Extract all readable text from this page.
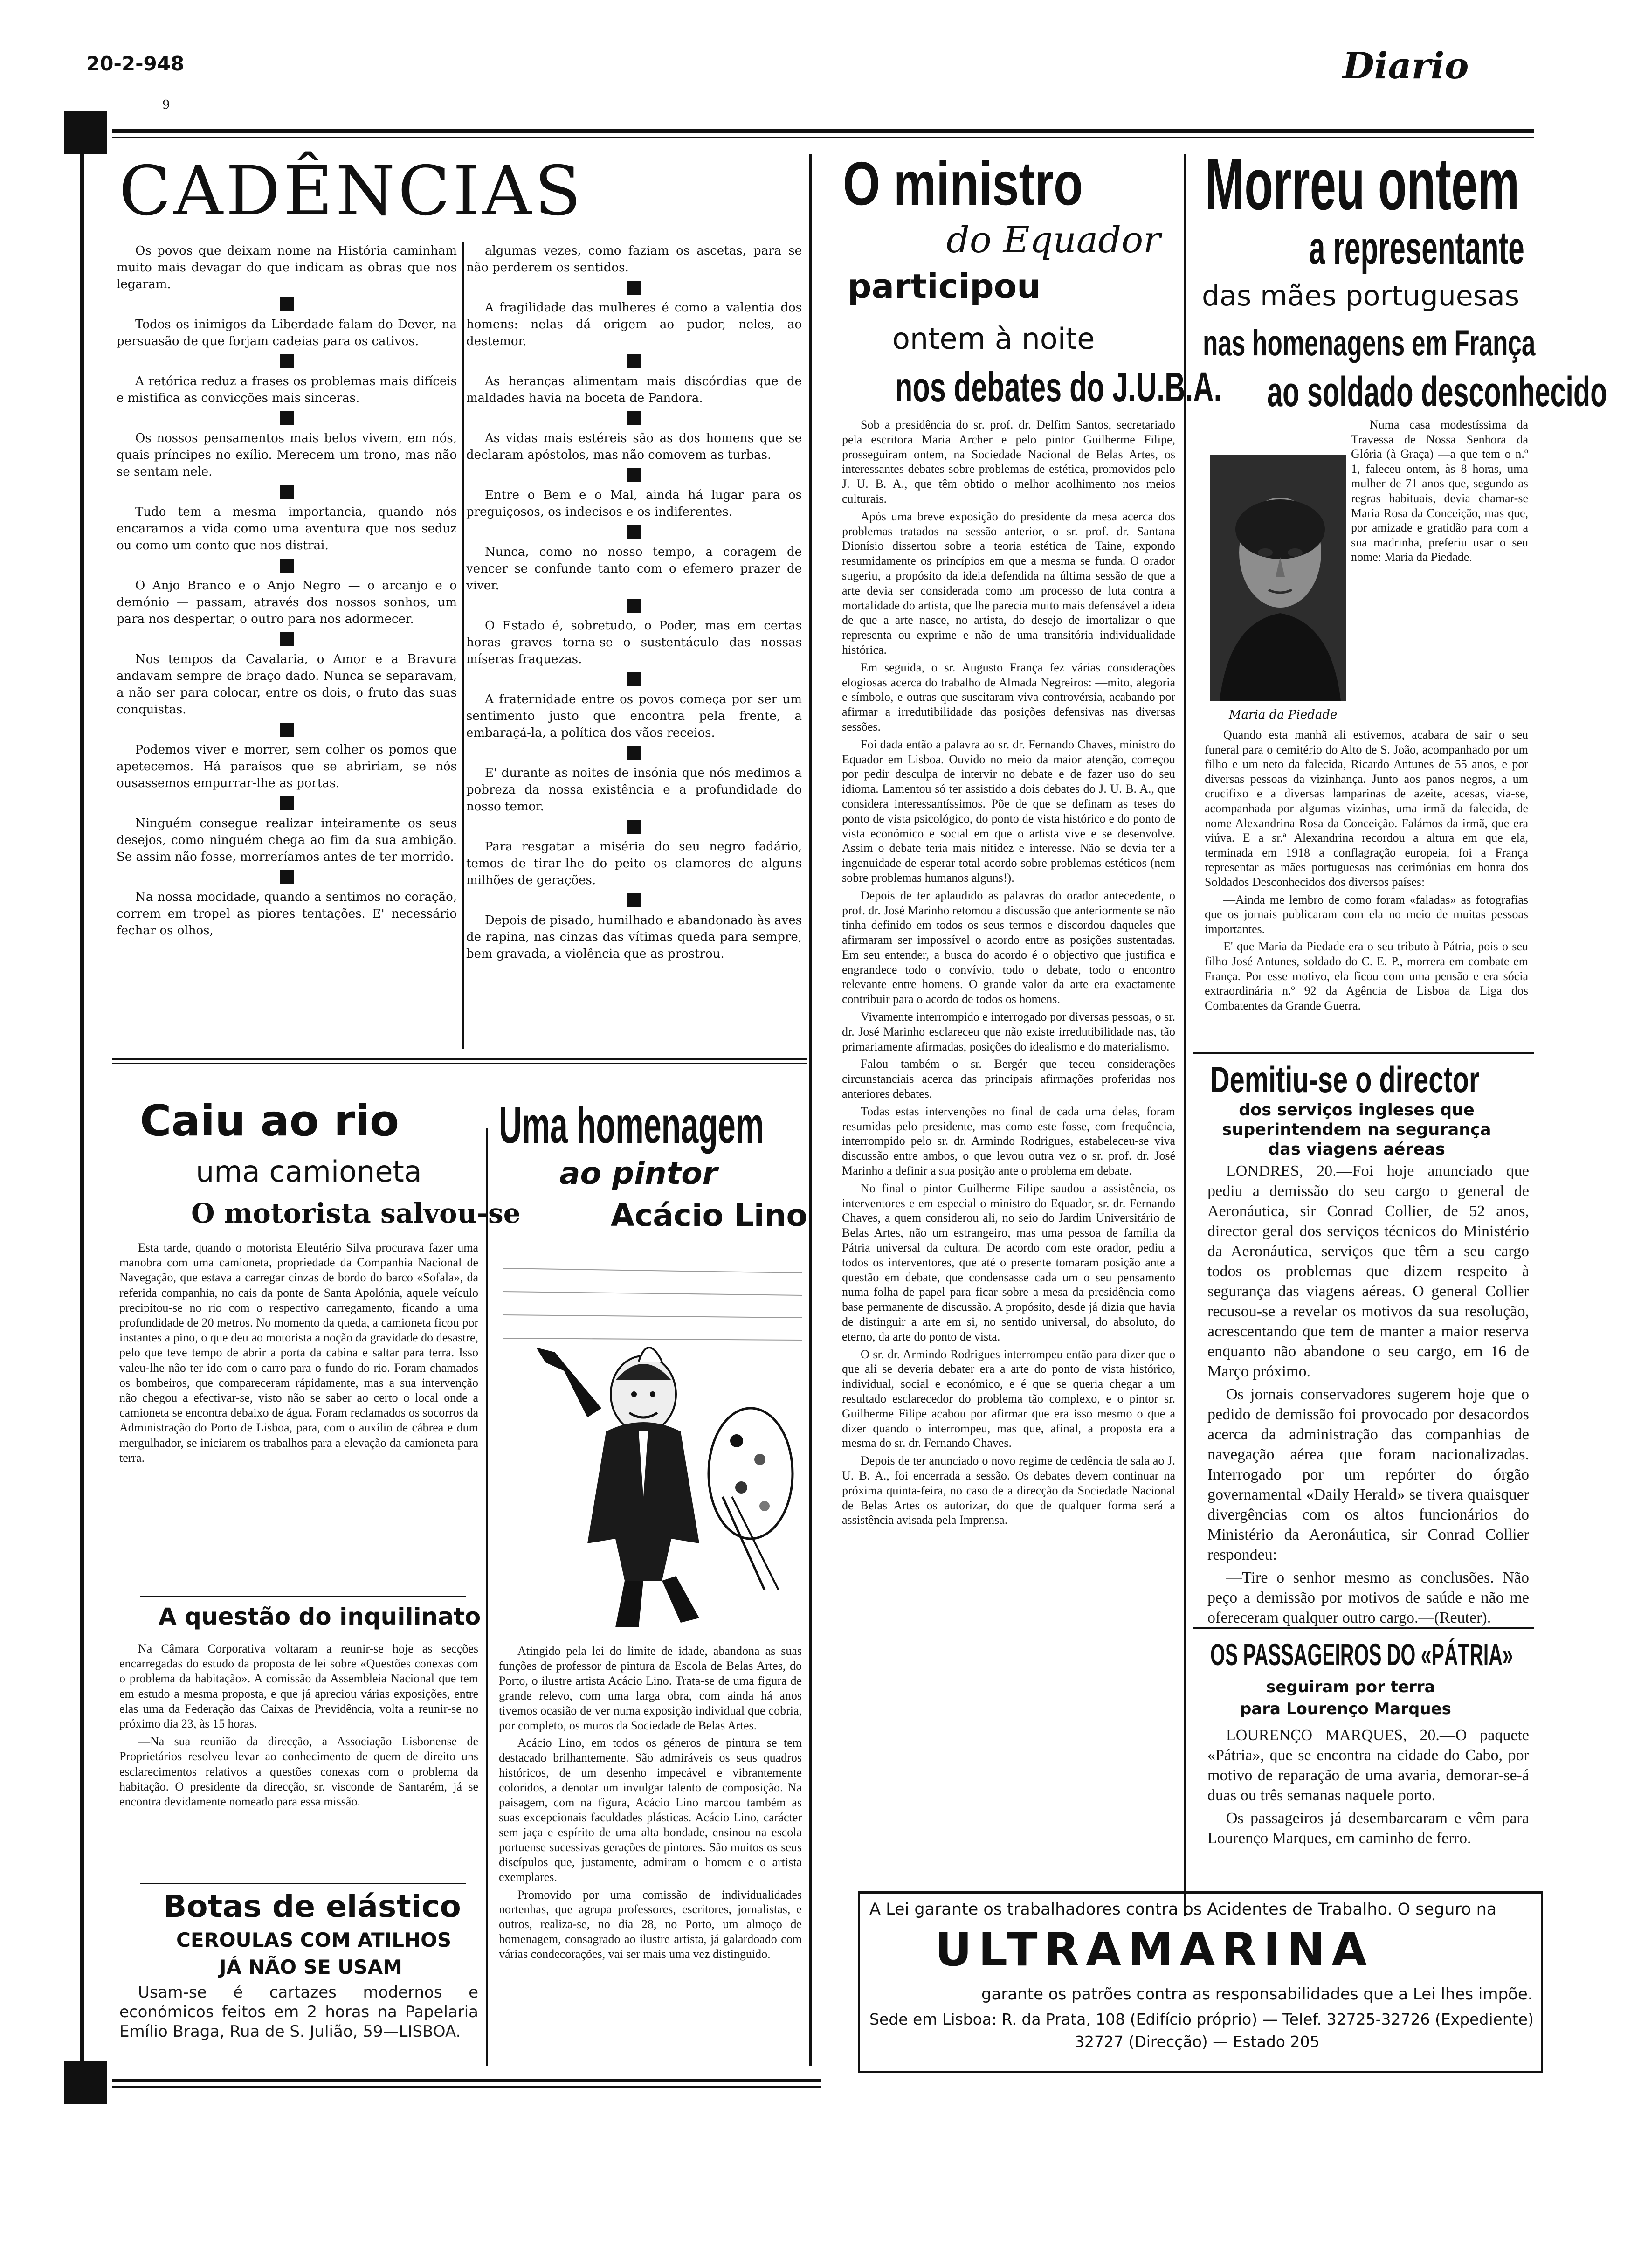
20-2-948	Diario
9
CADÊNCIAS

Os povos que deixam nome na História caminham muito mais devagar do que indicam as obras que nos legaram.

Todos os inimigos da Liberdade falam do Dever, na persuasão de que forjam cadeias para os cativos.

A retórica reduz a frases os problemas mais difíceis e mistifica as convicções mais sinceras.

Os nossos pensamentos mais belos vivem, em nós, quais príncipes no exílio. Merecem um trono, mas não se sentam nele.

Tudo tem a mesma importancia, quando nós encaramos a vida como uma aventura que nos seduz ou como um conto que nos distrai.

O Anjo Branco e o Anjo Negro — o arcanjo e o demónio — passam, através dos nossos sonhos, um para nos despertar, o outro para nos adormecer.

Nos tempos da Cavalaria, o Amor e a Bravura andavam sempre de braço dado. Nunca se separavam, a não ser para colocar, entre os dois, o fruto das suas conquistas.

Podemos viver e morrer, sem colher os pomos que apetecemos. Há paraísos que se abririam, se nós ousassemos empurrar-lhe as portas.

Ninguém consegue realizar inteiramente os seus desejos, como ninguém chega ao fim da sua ambição. Se assim não fosse, morreríamos antes de ter morrido.

Na nossa mocidade, quando a sentimos no coração, correm em tropel as piores tentações. E' necessário fechar os olhos,

algumas vezes, como faziam os ascetas, para se não perderem os sentidos.

A fragilidade das mulheres é como a valentia dos homens: nelas dá origem ao pudor, neles, ao destemor.

As heranças alimentam mais discórdias que de maldades havia na boceta de Pandora.

As vidas mais estéreis são as dos homens que se declaram apóstolos, mas não comovem as turbas.

Entre o Bem e o Mal, ainda há lugar para os preguiçosos, os indecisos e os indiferentes.

Nunca, como no nosso tempo, a coragem de vencer se confunde tanto com o efemero prazer de viver.

O Estado é, sobretudo, o Poder, mas em certas horas graves torna-se o sustentáculo das nossas míseras fraquezas.

A fraternidade entre os povos começa por ser um sentimento justo que encontra pela frente, a embaraçá-la, a política dos vãos receios.

E' durante as noites de insónia que nós medimos a pobreza da nossa existência e a profundidade do nosso temor.

Para resgatar a miséria do seu negro fadário, temos de tirar-lhe do peito os clamores de alguns milhões de gerações.

Depois de pisado, humilhado e abandonado às aves de rapina, nas cinzas das vítimas queda para sempre, bem gravada, a violência que as prostrou.

O ministro
do Equador
participou
ontem à noite
nos debates do J.U.B.A.

Sob a presidência do sr. prof. dr. Delfim Santos, secretariado pela escritora Maria Archer e pelo pintor Guilherme Filipe, prosseguiram ontem, na Sociedade Nacional de Belas Artes, os interessantes debates sobre problemas de estética, promovidos pelo J. U. B. A., que têm obtido o melhor acolhimento nos meios culturais.

Após uma breve exposição do presidente da mesa acerca dos problemas tratados na sessão anterior, o sr. prof. dr. Santana Dionísio dissertou sobre a teoria estética de Taine, expondo resumidamente os princípios em que a mesma se funda. O orador sugeriu, a propósito da ideia defendida na última sessão de que a arte devia ser considerada como um processo de luta contra a mortalidade do artista, que lhe parecia muito mais defensável a ideia de que a arte nasce, no artista, do desejo de imortalizar o que representa ou exprime e não de uma transitória individualidade histórica.

Em seguida, o sr. Augusto França fez várias considerações elogiosas acerca do trabalho de Almada Negreiros: —mito, alegoria e símbolo, e outras que suscitaram viva controvérsia, acabando por afirmar a irredutibilidade das posições defensivas nas diversas sessões.

Foi dada então a palavra ao sr. dr. Fernando Chaves, ministro do Equador em Lisboa. Ouvido no meio da maior atenção, começou por pedir desculpa de intervir no debate e de fazer uso do seu idioma. Lamentou só ter assistido a dois debates do J. U. B. A., que considera interessantíssimos. Põe de que se definam as teses do ponto de vista psicológico, do ponto de vista histórico e do ponto de vista económico e social em que o artista vive e se desenvolve. Assim o debate teria mais nitidez e interesse. Não se devia ter a ingenuidade de esperar total acordo sobre problemas estéticos (nem sobre problemas humanos alguns!).

Depois de ter aplaudido as palavras do orador antecedente, o prof. dr. José Marinho retomou a discussão que anteriormente se não tinha definido em todos os seus termos e discordou daqueles que afirmaram ser impossível o acordo entre as posições sustentadas. Em seu entender, a busca do acordo é o objectivo que justifica e engrandece todo o convívio, todo o debate, todo o encontro relevante entre homens. O grande valor da arte era exactamente contribuir para o acordo de todos os homens.

Vivamente interrompido e interrogado por diversas pessoas, o sr. dr. José Marinho esclareceu que não existe irredutibilidade nas, tão primariamente afirmadas, posições do idealismo e do materialismo.

Falou também o sr. Bergér que teceu considerações circunstanciais acerca das principais afirmações proferidas nos anteriores debates.

Todas estas intervenções no final de cada uma delas, foram resumidas pelo presidente, mas como este fosse, com frequência, interrompido pelo sr. dr. Armindo Rodrigues, estabeleceu-se viva discussão entre ambos, o que levou outra vez o sr. prof. dr. José Marinho a definir a sua posição ante o problema em debate.

No final o pintor Guilherme Filipe saudou a assistência, os interventores e em especial o ministro do Equador, sr. dr. Fernando Chaves, a quem considerou ali, no seio do Jardim Universitário de Belas Artes, não um estrangeiro, mas uma pessoa de família da Pátria universal da cultura. De acordo com este orador, pediu a todos os interventores, que até o presente tomaram posição ante a questão em debate, que condensasse cada um o seu pensamento numa folha de papel para ficar sobre a mesa da presidência como base permanente de discussão. A propósito, desde já dizia que havia de distinguir a arte em si, no sentido universal, do absoluto, do eterno, da arte do ponto de vista.

O sr. dr. Armindo Rodrigues interrompeu então para dizer que o que ali se deveria debater era a arte do ponto de vista histórico, individual, social e económico, e é que se queria chegar a um resultado esclarecedor do problema tão complexo, e o pintor sr. Guilherme Filipe acabou por afirmar que era isso mesmo o que a dizer quando o interrompeu, mas que, afinal, a proposta era a mesma do sr. dr. Fernando Chaves.

Depois de ter anunciado o novo regime de cedência de sala ao J. U. B. A., foi encerrada a sessão. Os debates devem continuar na próxima quinta-feira, no caso de a direcção da Sociedade Nacional de Belas Artes os autorizar, do que de qualquer forma será a assistência avisada pela Imprensa.

Morreu ontem
a representante
das mães portuguesas
nas homenagens em França
ao soldado desconhecido
Maria da Piedade

Numa casa modestíssima da Travessa de Nossa Senhora da Glória (à Graça) —a que tem o n.º 1, faleceu ontem, às 8 horas, uma mulher de 71 anos que, segundo as regras habituais, devia chamar-se Maria Rosa da Conceição, mas que, por amizade e gratidão para com a sua madrinha, preferiu usar o seu nome: Maria da Piedade.

Quando esta manhã ali estivemos, acabara de sair o seu funeral para o cemitério do Alto de S. João, acompanhado por um filho e um neto da falecida, Ricardo Antunes de 55 anos, e por diversas pessoas da vizinhança. Junto aos panos negros, a um crucifixo e a diversas lamparinas de azeite, acesas, via-se, acompanhada por algumas vizinhas, uma irmã da falecida, de nome Alexandrina Rosa da Conceição. Falámos da irmã, que era viúva. E a sr.ª Alexandrina recordou a altura em que ela, terminada em 1918 a conflagração europeia, foi a França representar as mães portuguesas nas cerimónias em honra dos Soldados Desconhecidos dos diversos países:

—Ainda me lembro de como foram «faladas» as fotografias que os jornais publicaram com ela no meio de muitas pessoas importantes.

E' que Maria da Piedade era o seu tributo à Pátria, pois o seu filho José Antunes, soldado do C. E. P., morrera em combate em França. Por esse motivo, ela ficou com uma pensão e era sócia extraordinária n.º 92 da Agência de Lisboa da Liga dos Combatentes da Grande Guerra.

Demitiu-se o director
dos serviços ingleses que superintendem na segurança das viagens aéreas

LONDRES, 20.—Foi hoje anunciado que pediu a demissão do seu cargo o general de Aeronáutica, sir Conrad Collier, de 52 anos, director geral dos serviços técnicos do Ministério da Aeronáutica, serviços que têm a seu cargo todos os problemas que dizem respeito à segurança das viagens aéreas. O general Collier recusou-se a revelar os motivos da sua resolução, acrescentando que tem de manter a maior reserva enquanto não abandone o seu cargo, em 16 de Março próximo.

Os jornais conservadores sugerem hoje que o pedido de demissão foi provocado por desacordos acerca da administração das companhias de navegação aérea que foram nacionalizadas. Interrogado por um repórter do órgão governamental «Daily Herald» se tivera quaisquer divergências com os altos funcionários do Ministério da Aeronáutica, sir Conrad Collier respondeu:

—Tire o senhor mesmo as conclusões. Não peço a demissão por motivos de saúde e não me ofereceram qualquer outro cargo.—(Reuter).

OS PASSAGEIROS DO «PÁTRIA»
seguiram por terra
para Lourenço Marques

LOURENÇO MARQUES, 20.—O paquete «Pátria», que se encontra na cidade do Cabo, por motivo de reparação de uma avaria, demorar-se-á duas ou três semanas naquele porto.

Os passageiros já desembarcaram e vêm para Lourenço Marques, em caminho de ferro.

A Lei garante os trabalhadores contra os Acidentes de Trabalho. O seguro na
ULTRAMARINA
garante os patrões contra as responsabilidades que a Lei lhes impõe.
Sede em Lisboa: R. da Prata, 108 (Edifício próprio) — Telef. 32725-32726 (Expediente)
32727 (Direcção) — Estado 205
Caiu ao rio
uma camioneta
O motorista salvou-se

Esta tarde, quando o motorista Eleutério Silva procurava fazer uma manobra com uma camioneta, propriedade da Companhia Nacional de Navegação, que estava a carregar cinzas de bordo do barco «Sofala», da referida companhia, no cais da ponte de Santa Apolónia, aquele veículo precipitou-se no rio com o respectivo carregamento, ficando a uma profundidade de 20 metros. No momento da queda, a camioneta ficou por instantes a pino, o que deu ao motorista a noção da gravidade do desastre, pelo que teve tempo de abrir a porta da cabina e saltar para terra. Isso valeu-lhe não ter ido com o carro para o fundo do rio. Foram chamados os bombeiros, que compareceram rápidamente, mas a sua intervenção não chegou a efectivar-se, visto não se saber ao certo o local onde a camioneta se encontra debaixo de água. Foram reclamados os socorros da Administração do Porto de Lisboa, para, com o auxílio de cábrea e dum mergulhador, se iniciarem os trabalhos para a elevação da camioneta para terra.

A questão do inquilinato

Na Câmara Corporativa voltaram a reunir-se hoje as secções encarregadas do estudo da proposta de lei sobre «Questões conexas com o problema da habitação». A comissão da Assembleia Nacional que tem em estudo a mesma proposta, e que já apreciou várias exposições, entre elas uma da Federação das Caixas de Previdência, volta a reunir-se no próximo dia 23, às 15 horas.

—Na sua reunião da direcção, a Associação Lisbonense de Proprietários resolveu levar ao conhecimento de quem de direito uns esclarecimentos relativos a questões conexas com o problema da habitação. O presidente da direcção, sr. visconde de Santarém, já se encontra devidamente nomeado para essa missão.

Botas de elástico
CEROULAS COM ATILHOS
JÁ NÃO SE USAM

Usam-se é cartazes modernos e económicos feitos em 2 horas na Papelaria Emílio Braga, Rua de S. Julião, 59—LISBOA.

Uma homenagem
ao pintor
Acácio Lino

Atingido pela lei do limite de idade, abandona as suas funções de professor de pintura da Escola de Belas Artes, do Porto, o ilustre artista Acácio Lino. Trata-se de uma figura de grande relevo, com uma larga obra, com ainda há anos tivemos ocasião de ver numa exposição individual que cobria, por completo, os muros da Sociedade de Belas Artes.

Acácio Lino, em todos os géneros de pintura se tem destacado brilhantemente. São admiráveis os seus quadros históricos, de um desenho impecável e vibrantemente coloridos, a denotar um invulgar talento de composição. Na paisagem, com na figura, Acácio Lino marcou também as suas excepcionais faculdades plásticas. Acácio Lino, carácter sem jaça e espírito de uma alta bondade, ensinou na escola portuense sucessivas gerações de pintores. São muitos os seus discípulos que, justamente, admiram o homem e o artista exemplares.

Promovido por uma comissão de individualidades nortenhas, que agrupa professores, escritores, jornalistas, e outros, realiza-se, no dia 28, no Porto, um almoço de homenagem, consagrado ao ilustre artista, já galardoado com várias condecorações, vai ser mais uma vez distinguido.
